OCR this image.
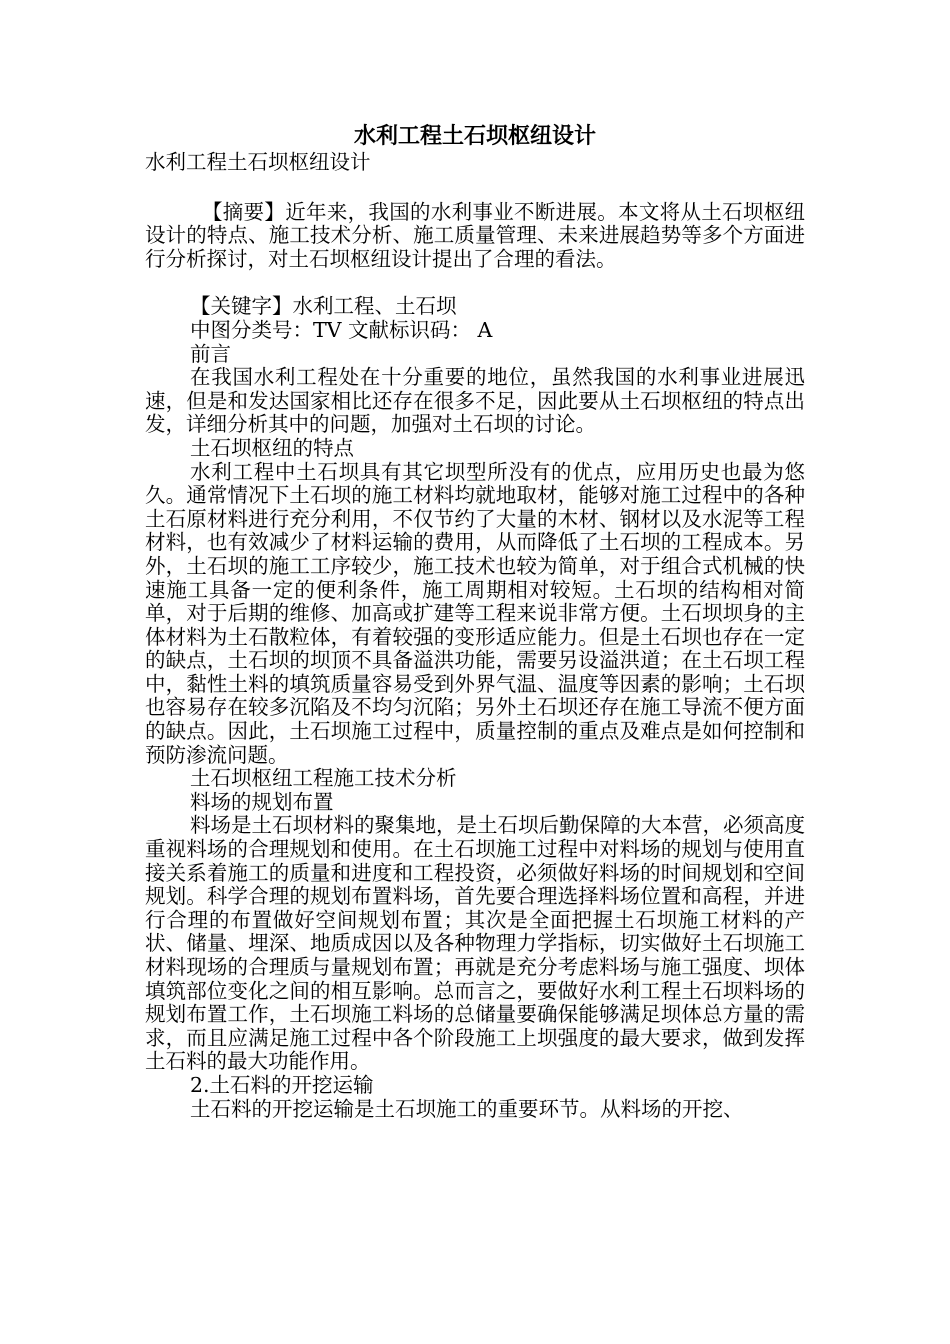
水利工程土石坝枢纽设计

水利工程土石坝枢纽设计

【摘要】近年来，我国的水利事业不断进展。本文将从土石坝枢纽设计的特点、施工技术分析、施工质量管理、未来进展趋势等多个方面进行分析探讨，对土石坝枢纽设计提出了合理的看法。

【关键字】水利工程、土石坝

中图分类号：TV 文献标识码： A

前言

在我国水利工程处在十分重要的地位，虽然我国的水利事业进展迅速，但是和发达国家相比还存在很多不足，因此要从土石坝枢纽的特点出发，详细分析其中的问题，加强对土石坝的讨论。

土石坝枢纽的特点

水利工程中土石坝具有其它坝型所没有的优点，应用历史也最为悠久。通常情况下土石坝的施工材料均就地取材，能够对施工过程中的各种土石原材料进行充分利用，不仅节约了大量的木材、钢材以及水泥等工程材料，也有效减少了材料运输的费用，从而降低了土石坝的工程成本。另外，土石坝的施工工序较少，施工技术也较为简单，对于组合式机械的快速施工具备一定的便利条件，施工周期相对较短。土石坝的结构相对简单，对于后期的维修、加高或扩建等工程来说非常方便。土石坝坝身的主体材料为土石散粒体，有着较强的变形适应能力。但是土石坝也存在一定的缺点，土石坝的坝顶不具备溢洪功能，需要另设溢洪道；在土石坝工程中，黏性土料的填筑质量容易受到外界气温、温度等因素的影响；土石坝也容易存在较多沉陷及不均匀沉陷；另外土石坝还存在施工导流不便方面的缺点。因此，土石坝施工过程中，质量控制的重点及难点是如何控制和预防渗流问题。

土石坝枢纽工程施工技术分析

料场的规划布置

料场是土石坝材料的聚集地，是土石坝后勤保障的大本营，必须高度重视料场的合理规划和使用。在土石坝施工过程中对料场的规划与使用直接关系着施工的质量和进度和工程投资，必须做好料场的时间规划和空间规划。科学合理的规划布置料场，首先要合理选择料场位置和高程，并进行合理的布置做好空间规划布置；其次是全面把握土石坝施工材料的产状、储量、埋深、地质成因以及各种物理力学指标，切实做好土石坝施工材料现场的合理质与量规划布置；再就是充分考虑料场与施工强度、坝体填筑部位变化之间的相互影响。总而言之，要做好水利工程土石坝料场的规划布置工作，土石坝施工料场的总储量要确保能够满足坝体总方量的需求，而且应满足施工过程中各个阶段施工上坝强度的最大要求，做到发挥土石料的最大功能作用。

2.土石料的开挖运输

土石料的开挖运输是土石坝施工的重要环节。从料场的开挖、
